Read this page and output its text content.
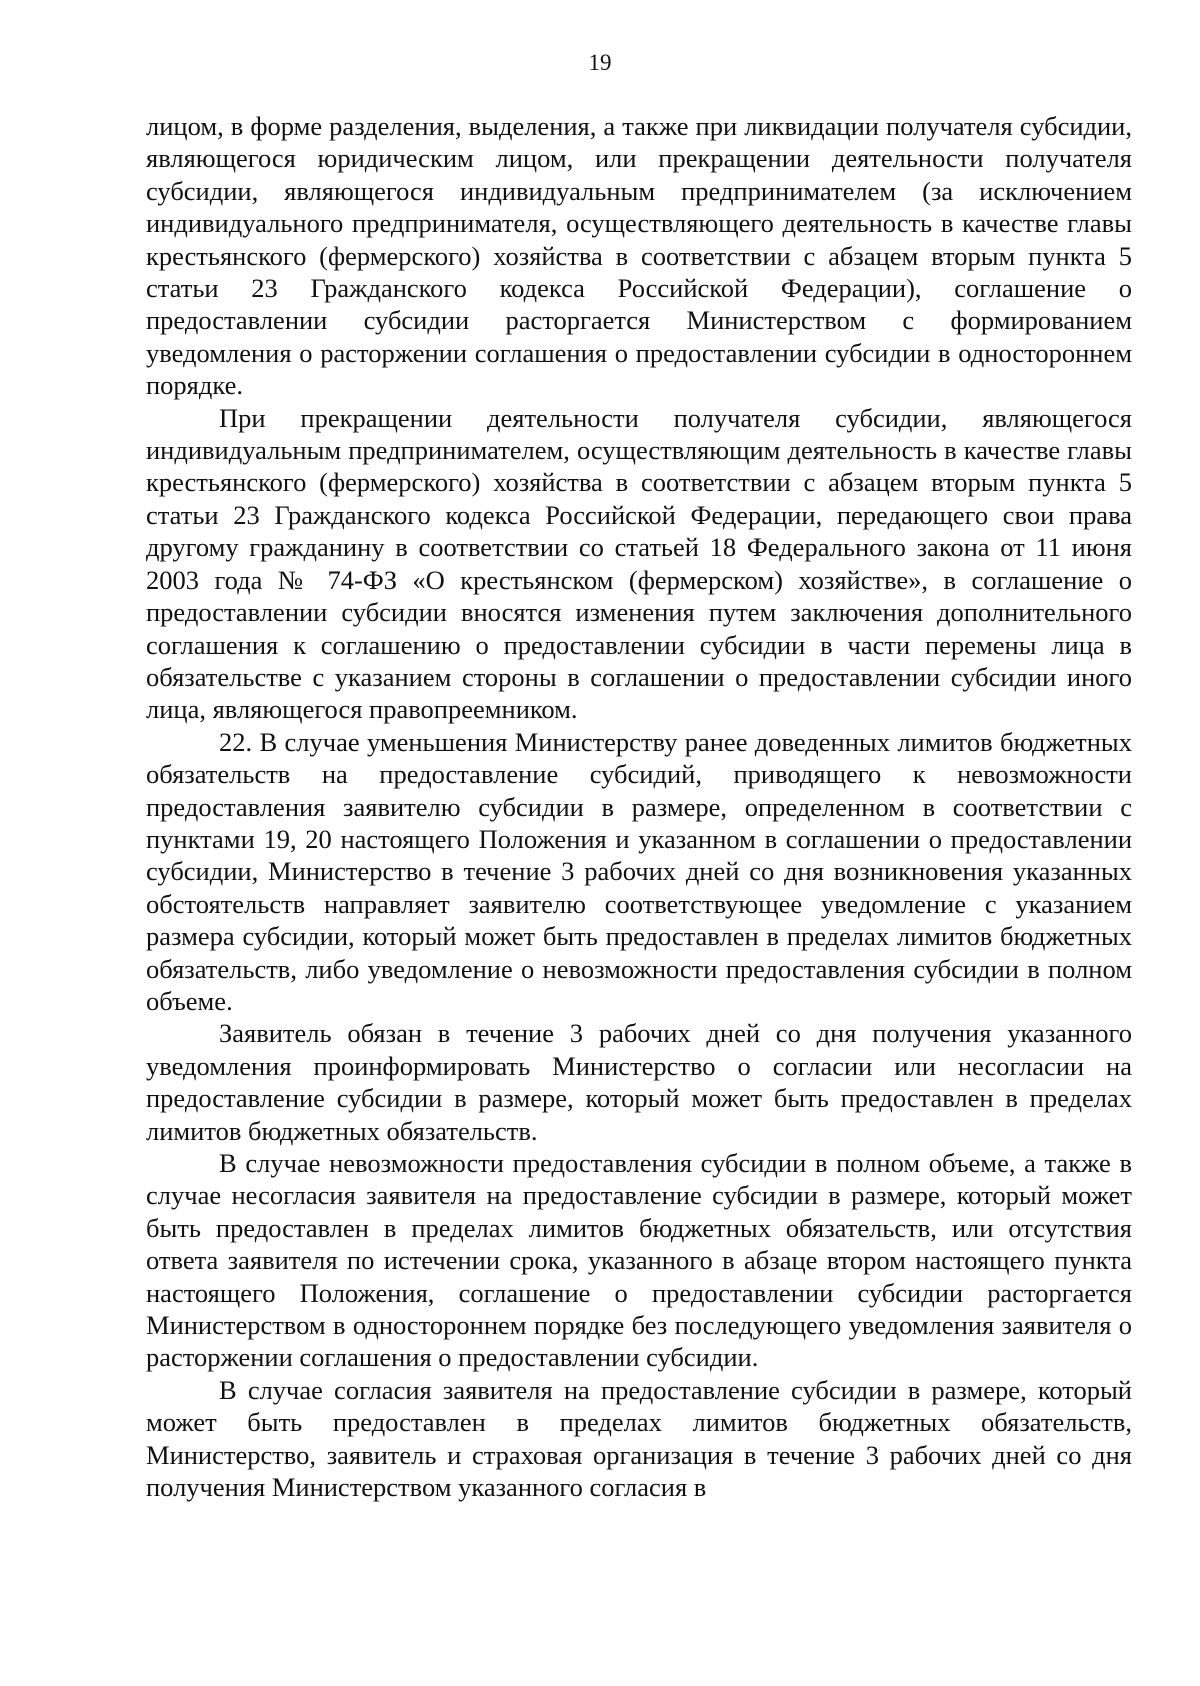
19

лицом, в форме разделения, выделения, а также при ликвидации получателя субсидии, являющегося юридическим лицом, или прекращении деятельности получателя субсидии, являющегося индивидуальным предпринимателем (за исключением индивидуального предпринимателя, осуществляющего деятельность в качестве главы крестьянского (фермерского) хозяйства в соответствии с абзацем вторым пункта 5 статьи 23 Гражданского кодекса Российской Федерации), соглашение о предоставлении субсидии расторгается Министерством с формированием уведомления о расторжении соглашения о предоставлении субсидии в одностороннем порядке.

При прекращении деятельности получателя субсидии, являющегося индивидуальным предпринимателем, осуществляющим деятельность в качестве главы крестьянского (фермерского) хозяйства в соответствии с абзацем вторым пункта 5 статьи 23 Гражданского кодекса Российской Федерации, передающего свои права другому гражданину в соответствии со статьей 18 Федерального закона от 11 июня 2003 года № 74-ФЗ «О крестьянском (фермерском) хозяйстве», в соглашение о предоставлении субсидии вносятся изменения путем заключения дополнительного соглашения к соглашению о предоставлении субсидии в части перемены лица в обязательстве с указанием стороны в соглашении о предоставлении субсидии иного лица, являющегося правопреемником.

22. В случае уменьшения Министерству ранее доведенных лимитов бюджетных обязательств на предоставление субсидий, приводящего к невозможности предоставления заявителю субсидии в размере, определенном в соответствии с пунктами 19, 20 настоящего Положения и указанном в соглашении о предоставлении субсидии, Министерство в течение 3 рабочих дней со дня возникновения указанных обстоятельств направляет заявителю соответствующее уведомление с указанием размера субсидии, который может быть предоставлен в пределах лимитов бюджетных обязательств, либо уведомление о невозможности предоставления субсидии в полном объеме.

Заявитель обязан в течение 3 рабочих дней со дня получения указанного уведомления проинформировать Министерство о согласии или несогласии на предоставление субсидии в размере, который может быть предоставлен в пределах лимитов бюджетных обязательств.

В случае невозможности предоставления субсидии в полном объеме, а также в случае несогласия заявителя на предоставление субсидии в размере, который может быть предоставлен в пределах лимитов бюджетных обязательств, или отсутствия ответа заявителя по истечении срока, указанного в абзаце втором настоящего пункта настоящего Положения, соглашение о предоставлении субсидии расторгается Министерством в одностороннем порядке без последующего уведомления заявителя о расторжении соглашения о предоставлении субсидии.

В случае согласия заявителя на предоставление субсидии в размере, который может быть предоставлен в пределах лимитов бюджетных обязательств, Министерство, заявитель и страховая организация в течение 3 рабочих дней со дня получения Министерством указанного согласия в
